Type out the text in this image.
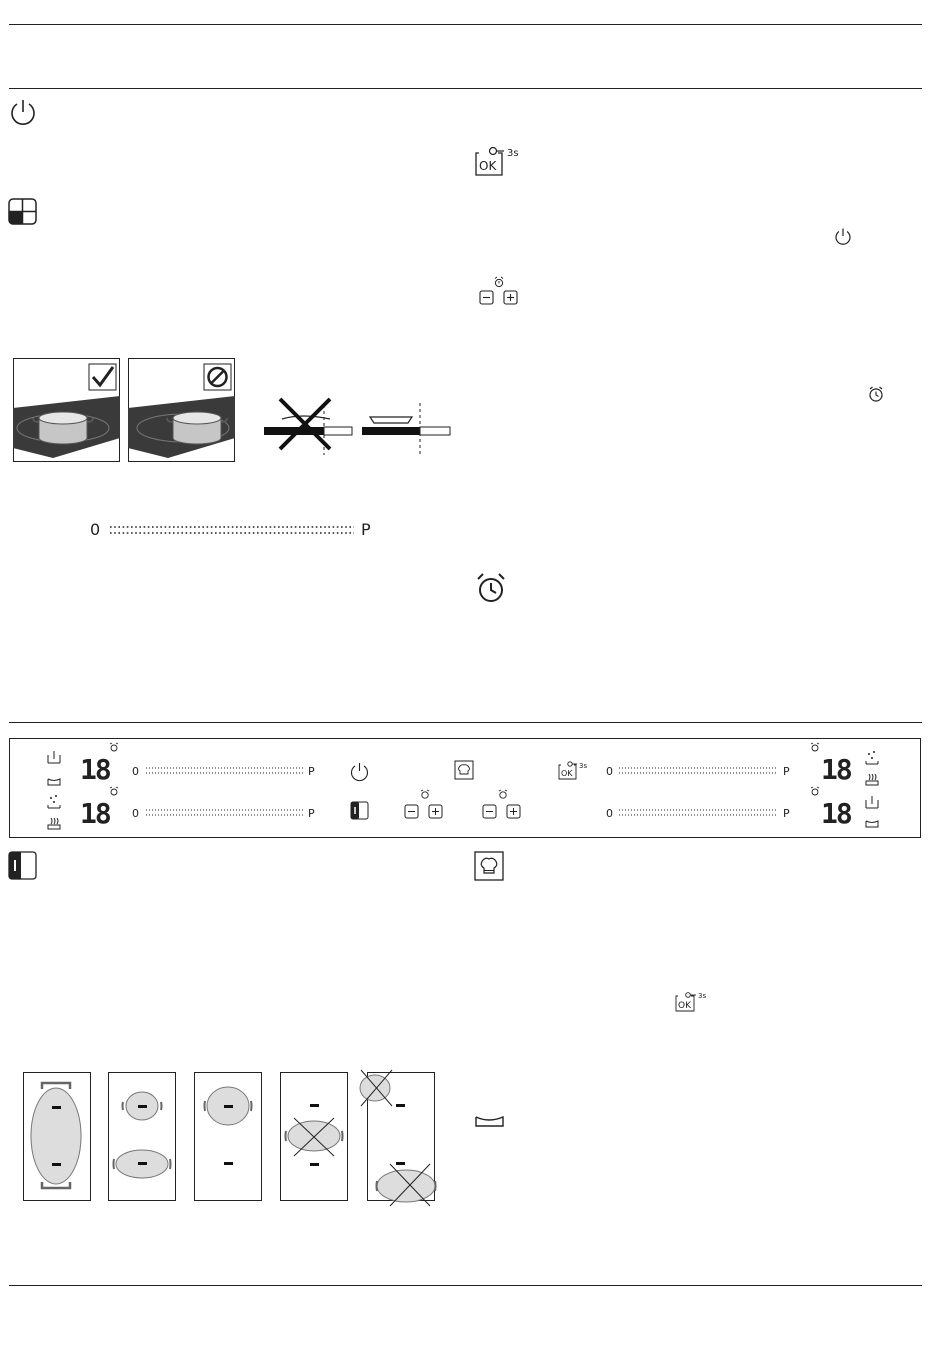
OK
3s
0	P
18 0	P
18 0	P
OK
3s 0	P 18
0	P 18
OK
3s
